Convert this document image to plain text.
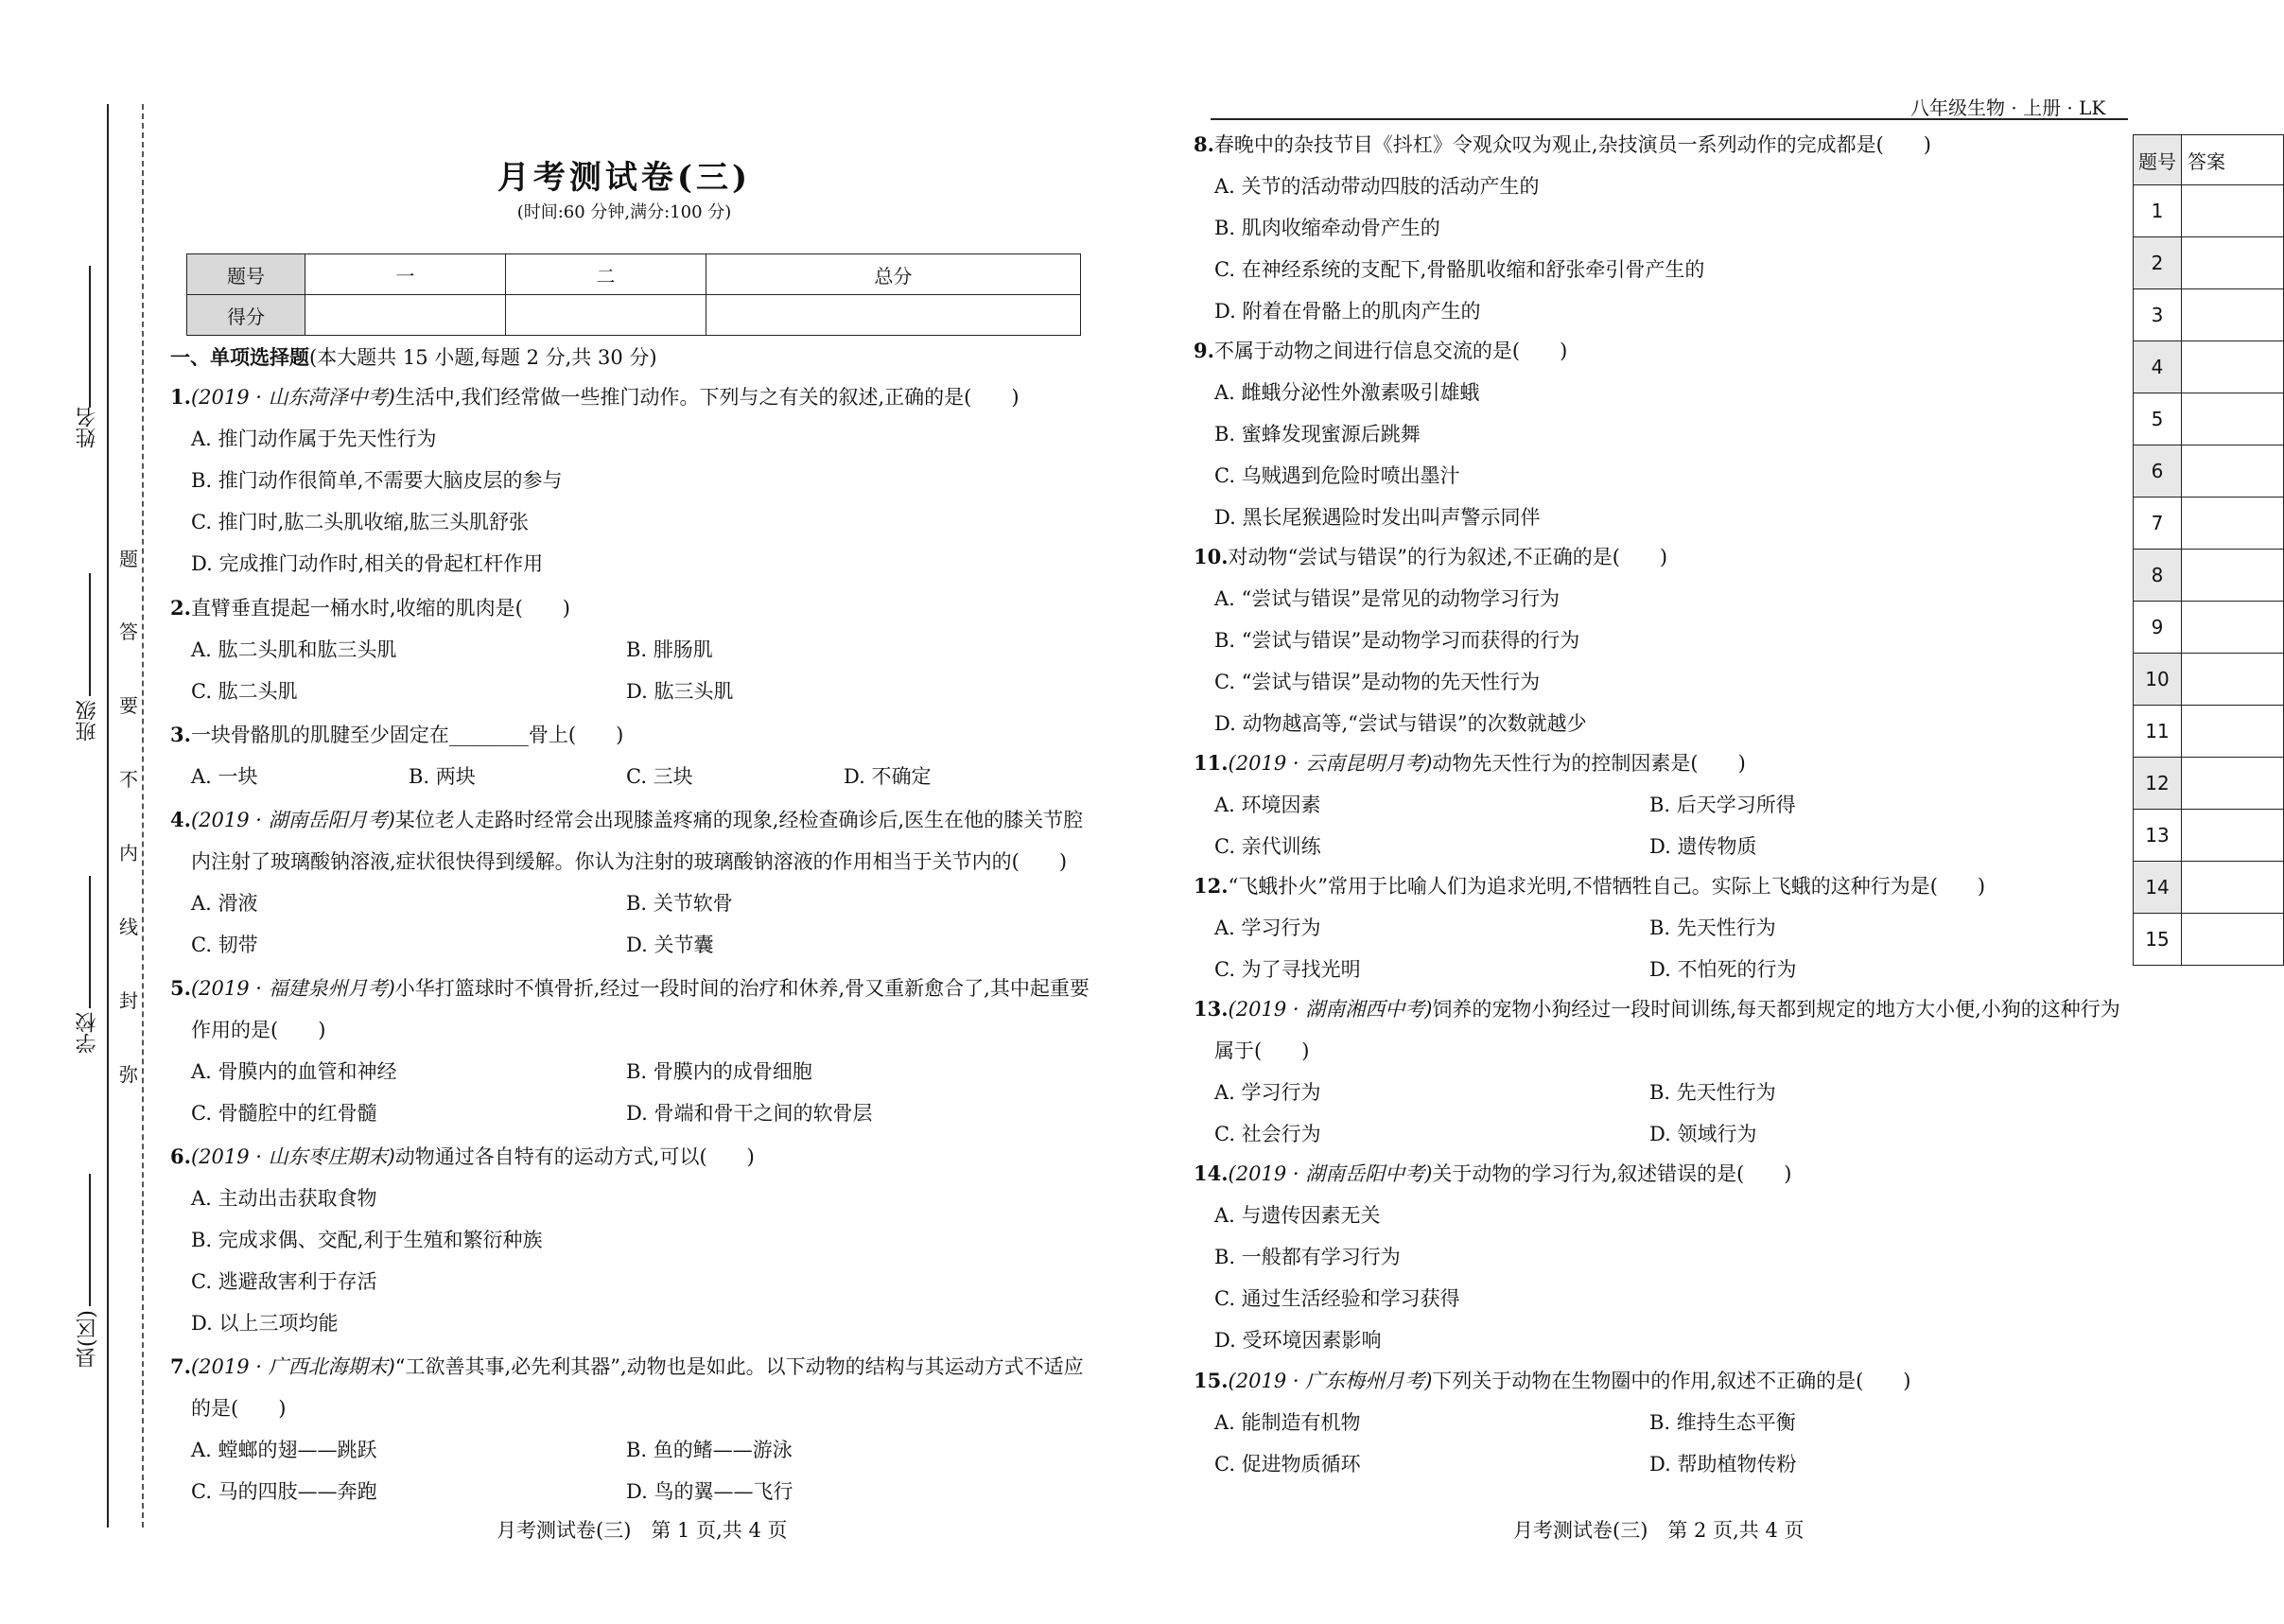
姓名
班级
学校
县(区)
题
答
要
不
内
线
封
弥
月考测试卷(三)
(时间:60 分钟,满分:100 分)
题号	一	二	总分
得分			
一、单项选择题(本大题共 15 小题,每题 2 分,共 30 分)
1.(2019 · 山东菏泽中考)生活中,我们经常做一些推门动作。下列与之有关的叙述,正确的是(　　)
A. 推门动作属于先天性行为
B. 推门动作很简单,不需要大脑皮层的参与
C. 推门时,肱二头肌收缩,肱三头肌舒张
D. 完成推门动作时,相关的骨起杠杆作用
2.直臂垂直提起一桶水时,收缩的肌肉是(　　)
A. 肱二头肌和肱三头肌	B. 腓肠肌
C. 肱二头肌	D. 肱三头肌
3.一块骨骼肌的肌腱至少固定在________骨上(　　)
A. 一块	B. 两块	C. 三块	D. 不确定
4.(2019 · 湖南岳阳月考)某位老人走路时经常会出现膝盖疼痛的现象,经检查确诊后,医生在他的膝关节腔
内注射了玻璃酸钠溶液,症状很快得到缓解。你认为注射的玻璃酸钠溶液的作用相当于关节内的(　　)
A. 滑液	B. 关节软骨
C. 韧带	D. 关节囊
5.(2019 · 福建泉州月考)小华打篮球时不慎骨折,经过一段时间的治疗和休养,骨又重新愈合了,其中起重要
作用的是(　　)
A. 骨膜内的血管和神经	B. 骨膜内的成骨细胞
C. 骨髓腔中的红骨髓	D. 骨端和骨干之间的软骨层
6.(2019 · 山东枣庄期末)动物通过各自特有的运动方式,可以(　　)
A. 主动出击获取食物
B. 完成求偶、交配,利于生殖和繁衍种族
C. 逃避敌害利于存活
D. 以上三项均能
7.(2019 · 广西北海期末)“工欲善其事,必先利其器”,动物也是如此。以下动物的结构与其运动方式不适应
的是(　　)
A. 螳螂的翅——跳跃	B. 鱼的鳍——游泳
C. 马的四肢——奔跑	D. 鸟的翼——飞行
8.春晚中的杂技节目《抖杠》令观众叹为观止,杂技演员一系列动作的完成都是(　　)
A. 关节的活动带动四肢的活动产生的
B. 肌肉收缩牵动骨产生的
C. 在神经系统的支配下,骨骼肌收缩和舒张牵引骨产生的
D. 附着在骨骼上的肌肉产生的
9.不属于动物之间进行信息交流的是(　　)
A. 雌蛾分泌性外激素吸引雄蛾
B. 蜜蜂发现蜜源后跳舞
C. 乌贼遇到危险时喷出墨汁
D. 黑长尾猴遇险时发出叫声警示同伴
10.对动物“尝试与错误”的行为叙述,不正确的是(　　)
A. “尝试与错误”是常见的动物学习行为
B. “尝试与错误”是动物学习而获得的行为
C. “尝试与错误”是动物的先天性行为
D. 动物越高等,“尝试与错误”的次数就越少
11.(2019 · 云南昆明月考)动物先天性行为的控制因素是(　　)
A. 环境因素	B. 后天学习所得
C. 亲代训练	D. 遗传物质
12.“飞蛾扑火”常用于比喻人们为追求光明,不惜牺牲自己。实际上飞蛾的这种行为是(　　)
A. 学习行为	B. 先天性行为
C. 为了寻找光明	D. 不怕死的行为
13.(2019 · 湖南湘西中考)饲养的宠物小狗经过一段时间训练,每天都到规定的地方大小便,小狗的这种行为
属于(　　)
A. 学习行为	B. 先天性行为
C. 社会行为	D. 领域行为
14.(2019 · 湖南岳阳中考)关于动物的学习行为,叙述错误的是(　　)
A. 与遗传因素无关
B. 一般都有学习行为
C. 通过生活经验和学习获得
D. 受环境因素影响
15.(2019 · 广东梅州月考)下列关于动物在生物圈中的作用,叙述不正确的是(　　)
A. 能制造有机物	B. 维持生态平衡
C. 促进物质循环	D. 帮助植物传粉
月考测试卷(三)　第 1 页,共 4 页	月考测试卷(三)　第 2 页,共 4 页
八年级生物 · 上册 · LK
题号	答案
1	
2	
3	
4	
5	
6	
7	
8	
9	
10	
11	
12	
13	
14	
15	
